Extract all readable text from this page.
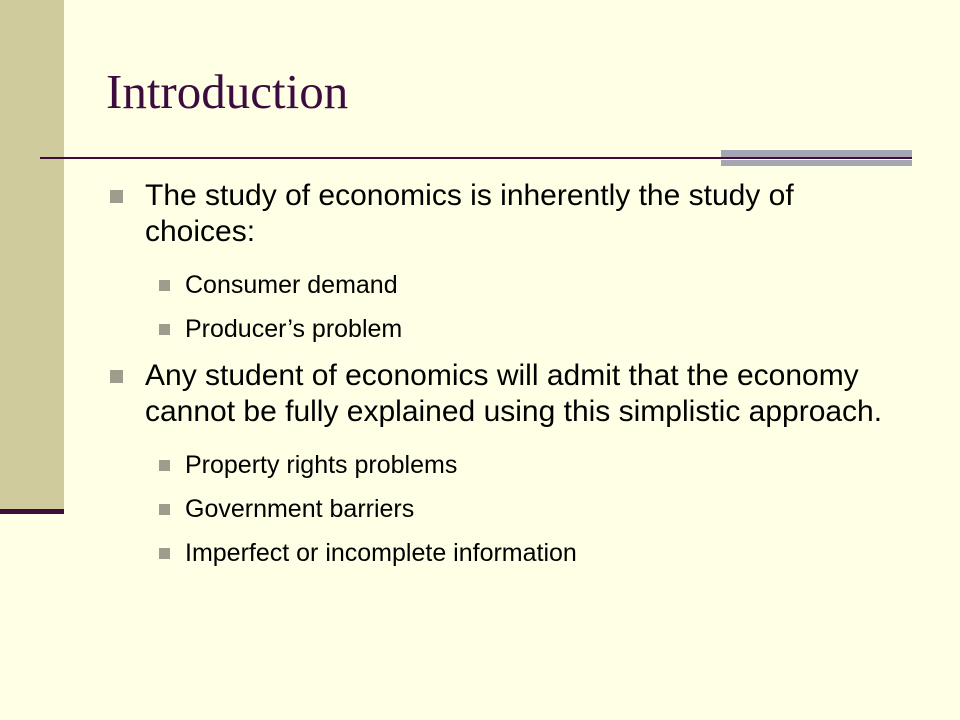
Introduction
The study of economics is inherently the study of choices:
Consumer demand
Producer’s problem
Any student of economics will admit that the economy cannot be fully explained using this simplistic approach.
Property rights problems
Government barriers
Imperfect or incomplete information
